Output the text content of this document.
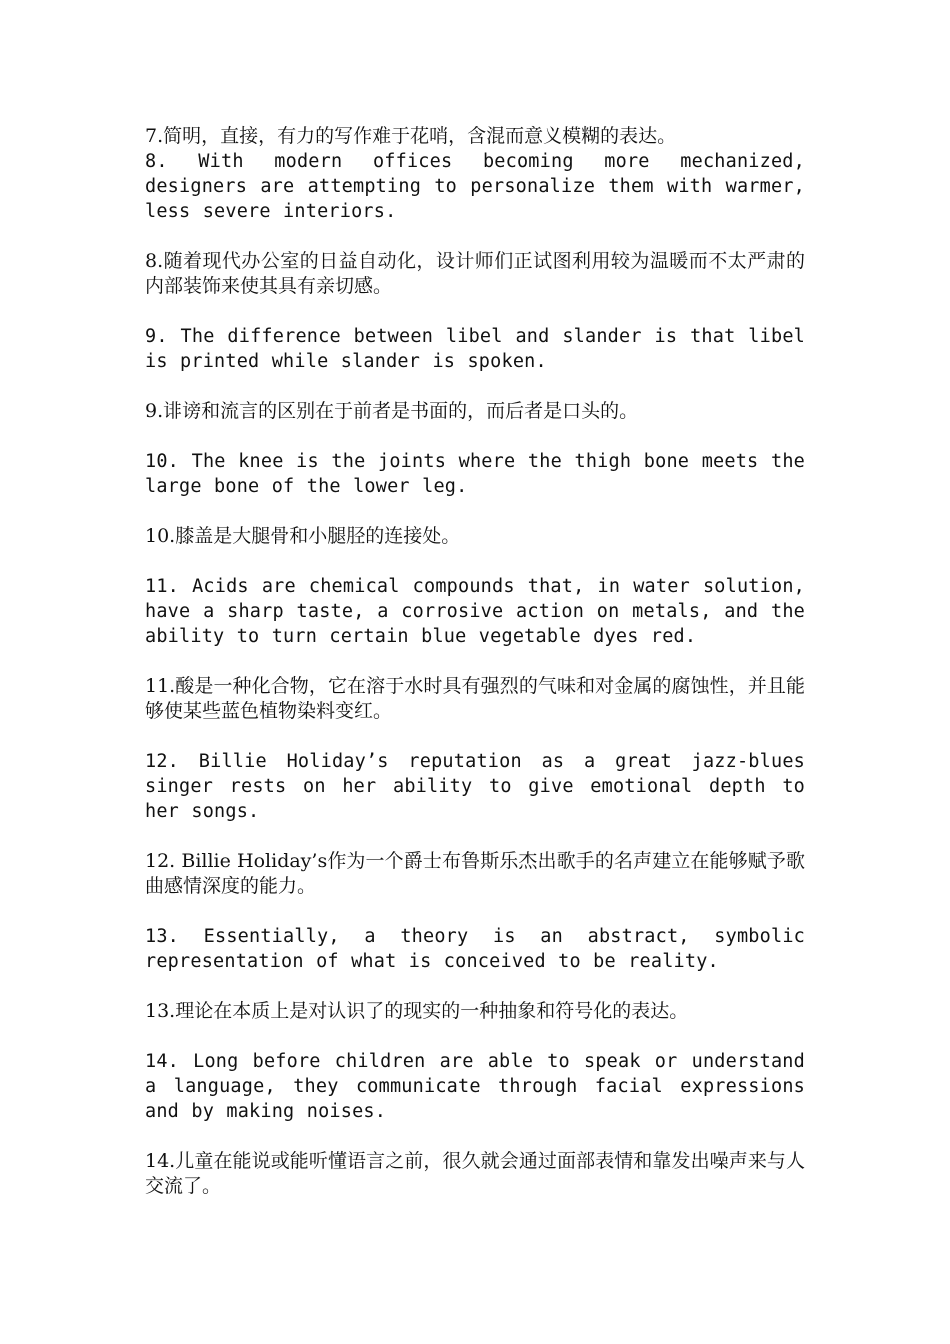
7.简明，直接，有力的写作难于花哨，含混而意义模糊的表达。

8. With modern offices becoming more mechanized, designers are attempting to personalize them with warmer, less severe interiors.

8.随着现代办公室的日益自动化，设计师们正试图利用较为温暖而不太严肃的内部装饰来使其具有亲切感。

9. The difference between libel and slander is that libel is printed while slander is spoken.

9.诽谤和流言的区别在于前者是书面的，而后者是口头的。

10. The knee is the joints where the thigh bone meets the large bone of the lower leg.

10.膝盖是大腿骨和小腿胫的连接处。

11. Acids are chemical compounds that, in water solution, have a sharp taste, a corrosive action on metals, and the ability to turn certain blue vegetable dyes red.

11.酸是一种化合物，它在溶于水时具有强烈的气味和对金属的腐蚀性，并且能够使某些蓝色植物染料变红。

12. Billie Holiday’s reputation as a great jazz-blues singer rests on her ability to give emotional depth to her songs.

12. Billie Holiday’s作为一个爵士布鲁斯乐杰出歌手的名声建立在能够赋予歌曲感情深度的能力。

13. Essentially, a theory is an abstract, symbolic representation of what is conceived to be reality.

13.理论在本质上是对认识了的现实的一种抽象和符号化的表达。

14. Long before children are able to speak or understand a language, they communicate through facial expressions and by making noises.

14.儿童在能说或能听懂语言之前，很久就会通过面部表情和靠发出噪声来与人交流了。
